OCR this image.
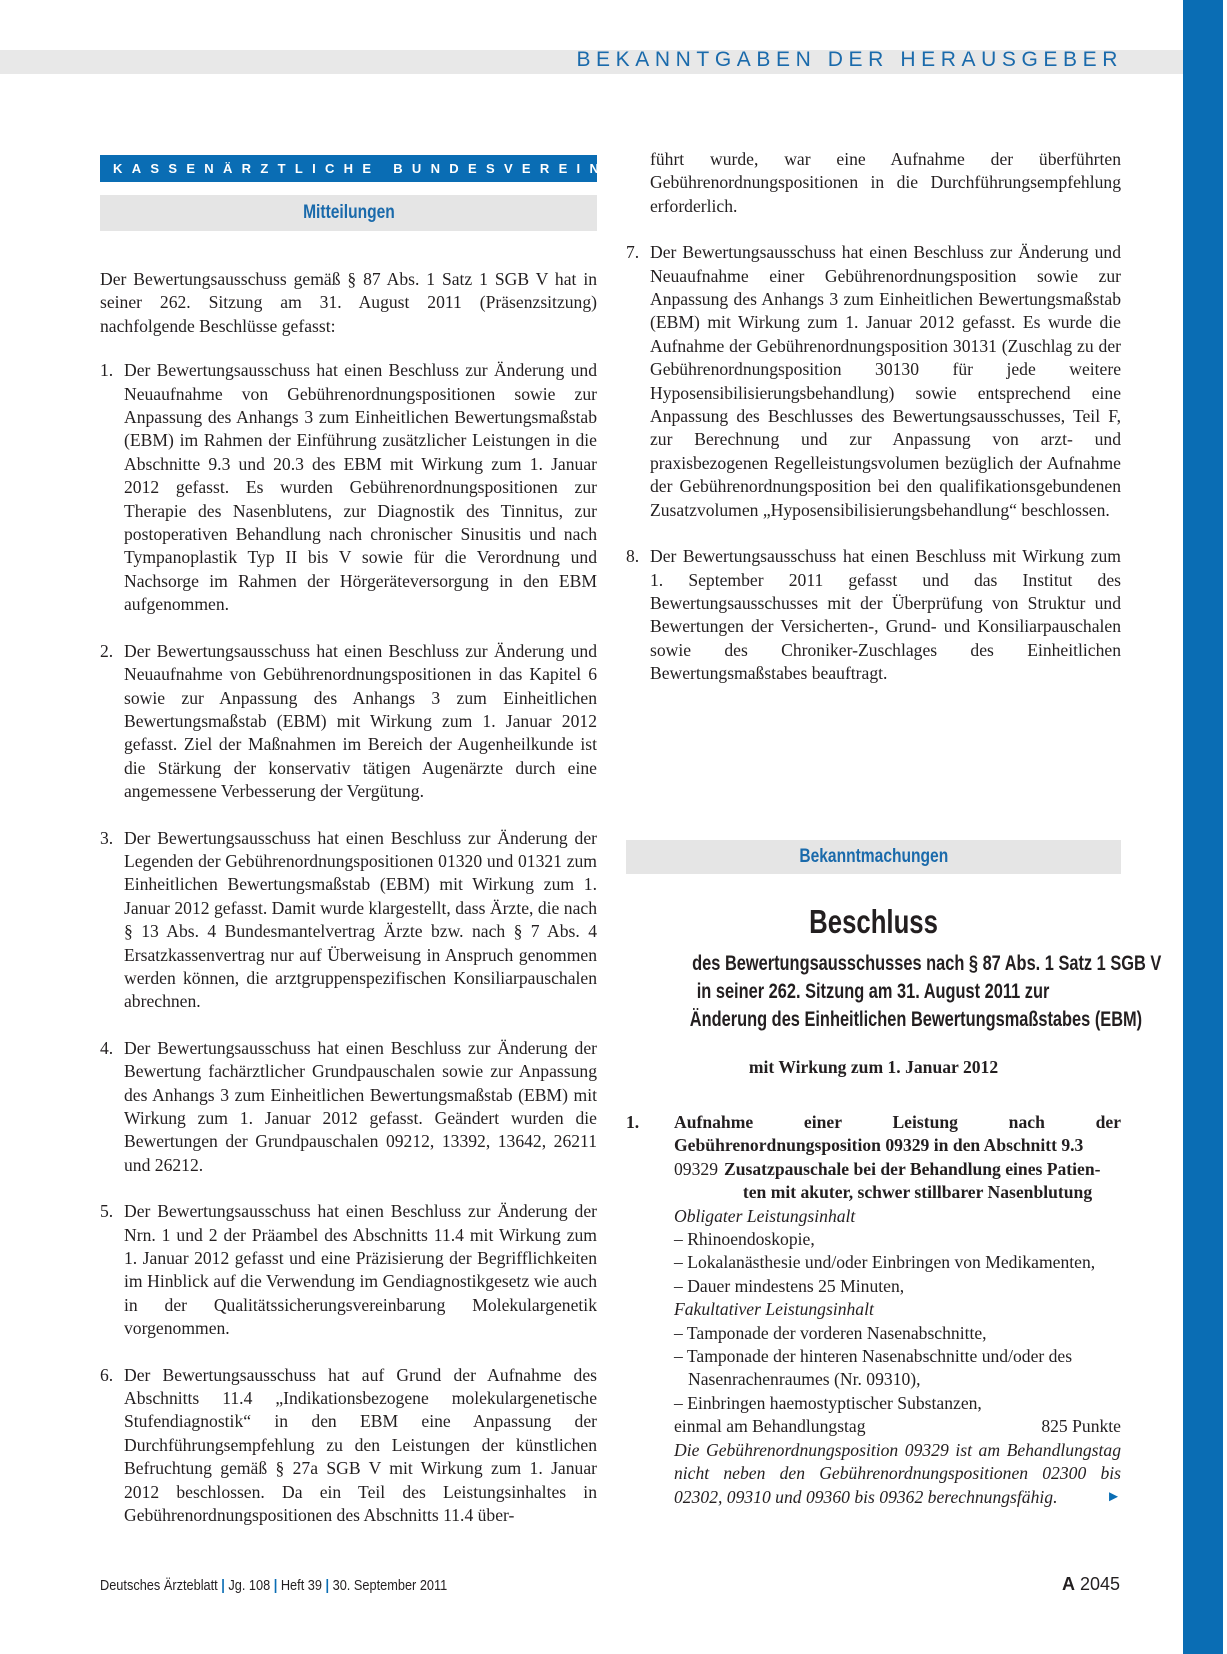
BEKANNTGABEN DER HERAUSGEBER
KASSENÄRZTLICHE BUNDESVEREINIGUNG
Mitteilungen

Der Bewertungsausschuss gemäß § 87 Abs. 1 Satz 1 SGB V hat in seiner 262. Sitzung am 31. August 2011 (Präsenzsitzung) nachfolgende Beschlüsse gefasst:

1. Der Bewertungsausschuss hat einen Beschluss zur Änderung und Neuaufnahme von Gebührenordnungspositionen sowie zur Anpassung des Anhangs 3 zum Einheitlichen Bewertungsmaßstab (EBM) im Rahmen der Einführung zusätzlicher Leistungen in die Abschnitte 9.3 und 20.3 des EBM mit Wirkung zum 1. Januar 2012 gefasst. Es wurden Gebührenordnungspositionen zur Therapie des Nasenblutens, zur Diagnostik des Tinnitus, zur postoperativen Behandlung nach chronischer Sinusitis und nach Tympanoplastik Typ II bis V sowie für die Verordnung und Nachsorge im Rahmen der Hörgeräteversorgung in den EBM aufgenommen.
2. Der Bewertungsausschuss hat einen Beschluss zur Änderung und Neuaufnahme von Gebührenordnungspositionen in das Kapitel 6 sowie zur Anpassung des Anhangs 3 zum Einheitlichen Bewertungsmaßstab (EBM) mit Wirkung zum 1. Januar 2012 gefasst. Ziel der Maßnahmen im Bereich der Augenheilkunde ist die Stärkung der konservativ tätigen Augenärzte durch eine angemessene Verbesserung der Vergütung.
3. Der Bewertungsausschuss hat einen Beschluss zur Änderung der Legenden der Gebührenordnungspositionen 01320 und 01321 zum Einheitlichen Bewertungsmaßstab (EBM) mit Wirkung zum 1. Januar 2012 gefasst. Damit wurde klargestellt, dass Ärzte, die nach § 13 Abs. 4 Bundesmantelvertrag Ärzte bzw. nach § 7 Abs. 4 Ersatzkassenvertrag nur auf Überweisung in Anspruch genommen werden können, die arztgruppenspezifischen Konsiliarpauschalen abrechnen.
4. Der Bewertungsausschuss hat einen Beschluss zur Änderung der Bewertung fachärztlicher Grundpauschalen sowie zur Anpassung des Anhangs 3 zum Einheitlichen Bewertungsmaßstab (EBM) mit Wirkung zum 1. Januar 2012 gefasst. Geändert wurden die Bewertungen der Grundpauschalen 09212, 13392, 13642, 26211 und 26212.
5. Der Bewertungsausschuss hat einen Beschluss zur Änderung der Nrn. 1 und 2 der Präambel des Abschnitts 11.4 mit Wirkung zum 1. Januar 2012 gefasst und eine Präzisierung der Begrifflichkeiten im Hinblick auf die Verwendung im Gendiagnostikgesetz wie auch in der Qualitätssicherungsvereinbarung Molekulargenetik vorgenommen.
6. Der Bewertungsausschuss hat auf Grund der Aufnahme des Abschnitts 11.4 „Indikationsbezogene molekulargenetische Stufendiagnostik“ in den EBM eine Anpassung der Durchführungsempfehlung zu den Leistungen der künstlichen Befruchtung gemäß § 27a SGB V mit Wirkung zum 1. Januar 2012 beschlossen. Da ein Teil des Leistungsinhaltes in Gebührenordnungspositionen des Abschnitts 11.4 über-

führt wurde, war eine Aufnahme der überführten Gebührenordnungspositionen in die Durchführungsempfehlung erforderlich.

7. Der Bewertungsausschuss hat einen Beschluss zur Änderung und Neuaufnahme einer Gebührenordnungsposition sowie zur Anpassung des Anhangs 3 zum Einheitlichen Bewertungsmaßstab (EBM) mit Wirkung zum 1. Januar 2012 gefasst. Es wurde die Aufnahme der Gebührenordnungsposition 30131 (Zuschlag zu der Gebührenordnungsposition 30130 für jede weitere Hyposensibilisierungsbehandlung) sowie entsprechend eine Anpassung des Beschlusses des Bewertungsausschusses, Teil F, zur Berechnung und zur Anpassung von arzt- und praxisbezogenen Regelleistungsvolumen bezüglich der Aufnahme der Gebührenordnungsposition bei den qualifikationsgebundenen Zusatzvolumen „Hyposensibilisierungsbehandlung“ beschlossen.
8. Der Bewertungsausschuss hat einen Beschluss mit Wirkung zum 1. September 2011 gefasst und das Institut des Bewertungsausschusses mit der Überprüfung von Struktur und Bewertungen der Versicherten-, Grund- und Konsiliarpauschalen sowie des Chroniker-Zuschlages des Einheitlichen Bewertungsmaßstabes beauftragt.
Bekanntmachungen
Beschluss
des Bewertungsausschusses nach § 87 Abs. 1 Satz 1 SGB V
in seiner 262. Sitzung am 31. August 2011 zur
Änderung des Einheitlichen Bewertungsmaßstabes (EBM)
mit Wirkung zum 1. Januar 2012
1. Aufnahme einer Leistung nach der Gebührenordnungsposition 09329 in den Abschnitt 9.3
09329 Zusatzpauschale bei der Behandlung eines Patien-
ten mit akuter, schwer stillbarer Nasenblutung
Obligater Leistungsinhalt
– Rhinoendoskopie,
– Lokalanästhesie und/oder Einbringen von Medikamenten,
– Dauer mindestens 25 Minuten,
Fakultativer Leistungsinhalt
– Tamponade der vorderen Nasenabschnitte,
– Tamponade der hinteren Nasenabschnitte und/oder des Nasenrachenraumes (Nr. 09310),
– Einbringen haemostyptischer Substanzen,
einmal am Behandlungstag	825 Punkte
Die Gebührenordnungsposition 09329 ist am Behandlungstag nicht neben den Gebührenordnungspositionen 02300 bis 02302, 09310 und 09360 bis 09362 berechnungsfähig.	►
Deutsches Ärzteblatt | Jg. 108 | Heft 39 | 30. September 2011	A 2045
